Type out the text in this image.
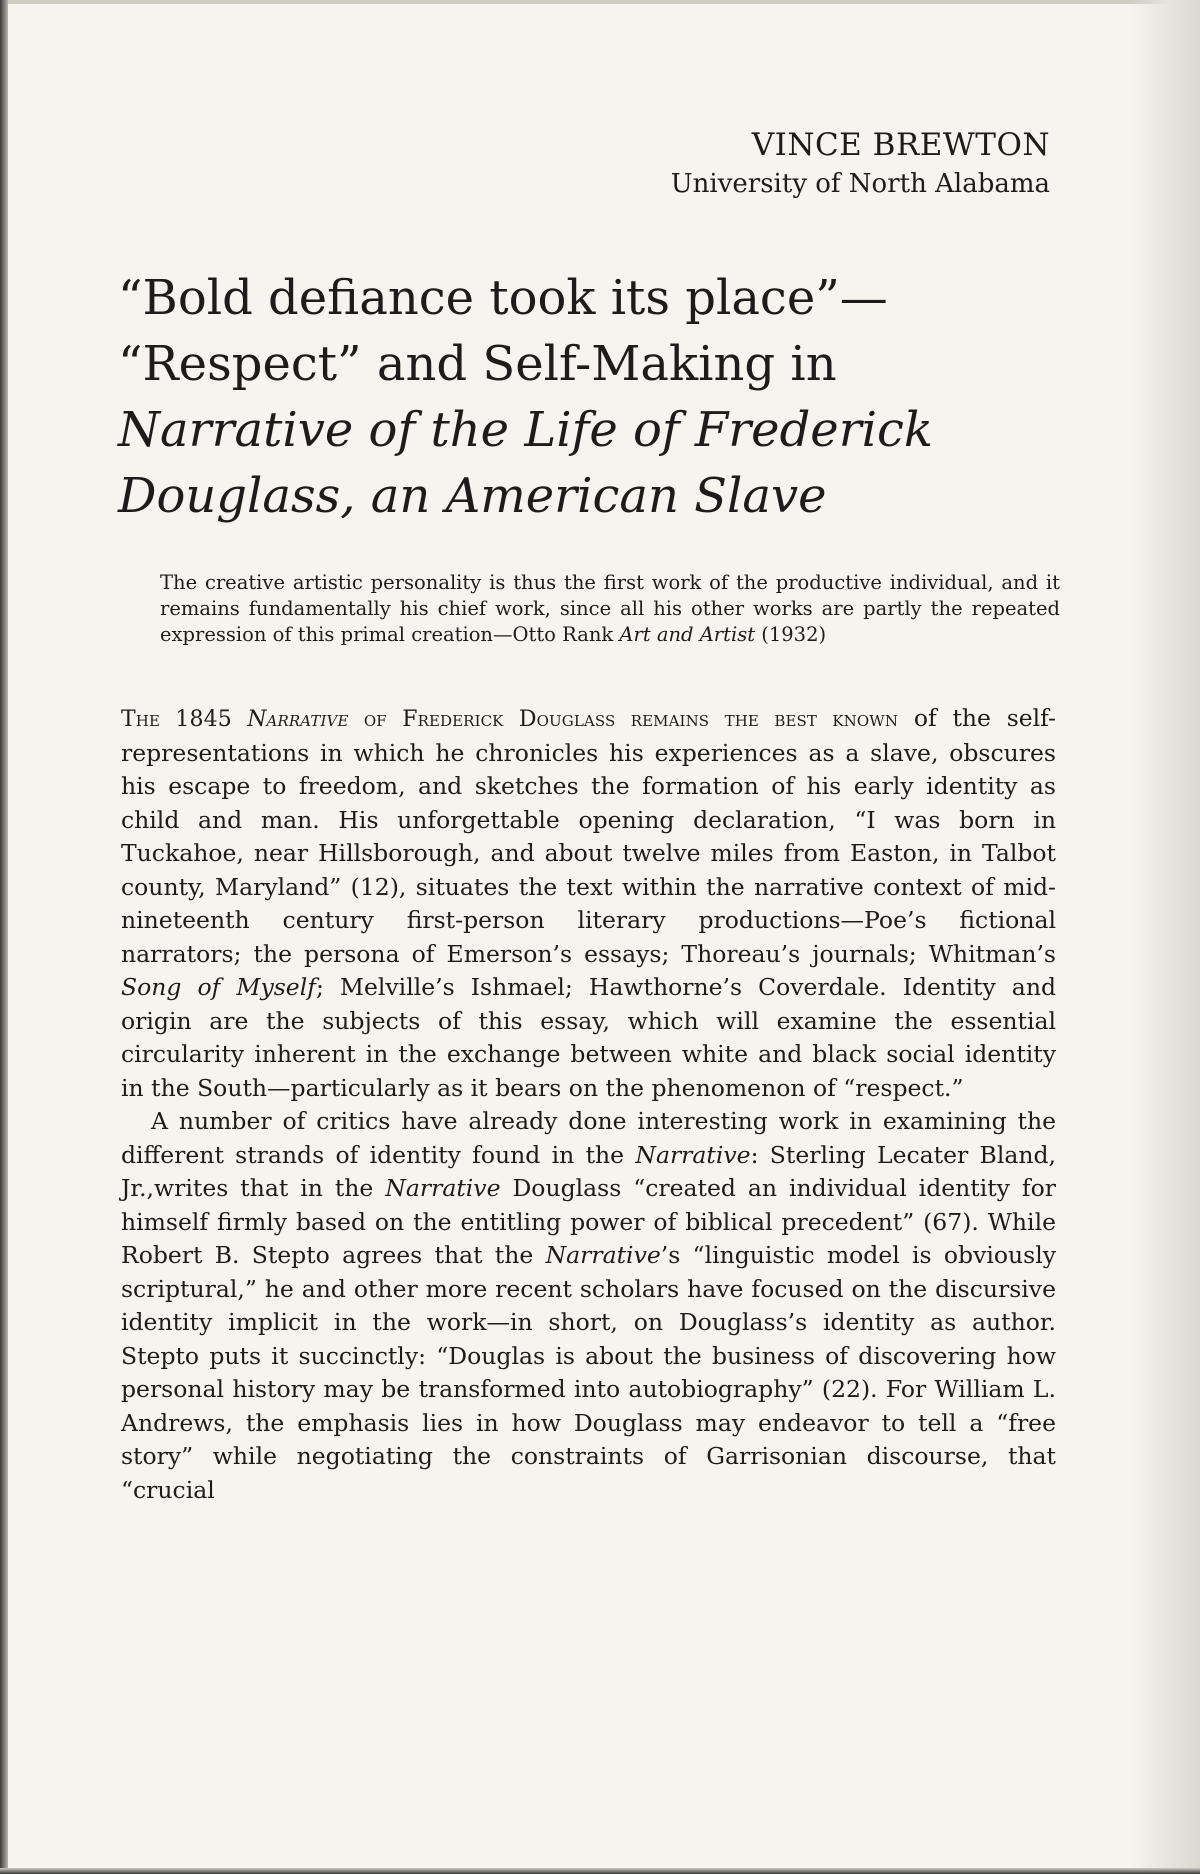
VINCE BREWTON
University of North Alabama
“Bold defiance took its place”—
“Respect” and Self-Making in
Narrative of the Life of Frederick
Douglass, an American Slave
The creative artistic personality is thus the first work of the productive individual, and it remains fundamentally his chief work, since all his other works are partly the repeated expression of this primal creation—Otto Rank Art and Artist (1932)

The 1845 Narrative of Frederick Douglass remains the best known of the self-representations in which he chronicles his experiences as a slave, obscures his escape to freedom, and sketches the formation of his early identity as child and man. His unforgettable opening declaration, “I was born in Tuckahoe, near Hillsborough, and about twelve miles from Easton, in Talbot county, Maryland” (12), situates the text within the narrative context of mid-nineteenth century first-person literary productions—Poe’s fictional narrators; the persona of Emerson’s essays; Thoreau’s journals; Whitman’s Song of Myself; Melville’s Ishmael; Hawthorne’s Coverdale. Identity and origin are the subjects of this essay, which will examine the essential circularity inherent in the exchange between white and black social identity in the South—particularly as it bears on the phenomenon of “respect.”

A number of critics have already done interesting work in examining the different strands of identity found in the Narrative: Sterling Lecater Bland, Jr.,writes that in the Narrative Douglass “created an individual identity for himself firmly based on the entitling power of biblical precedent” (67). While Robert B. Stepto agrees that the Narrative’s “linguistic model is obviously scriptural,” he and other more recent scholars have focused on the discursive identity implicit in the work—in short, on Douglass’s identity as author. Stepto puts it succinctly: “Douglas is about the business of discovering how personal history may be transformed into autobiography” (22). For William L. Andrews, the emphasis lies in how Douglass may endeavor to tell a “free story” while negotiating the constraints of Garrisonian discourse, that “crucial
